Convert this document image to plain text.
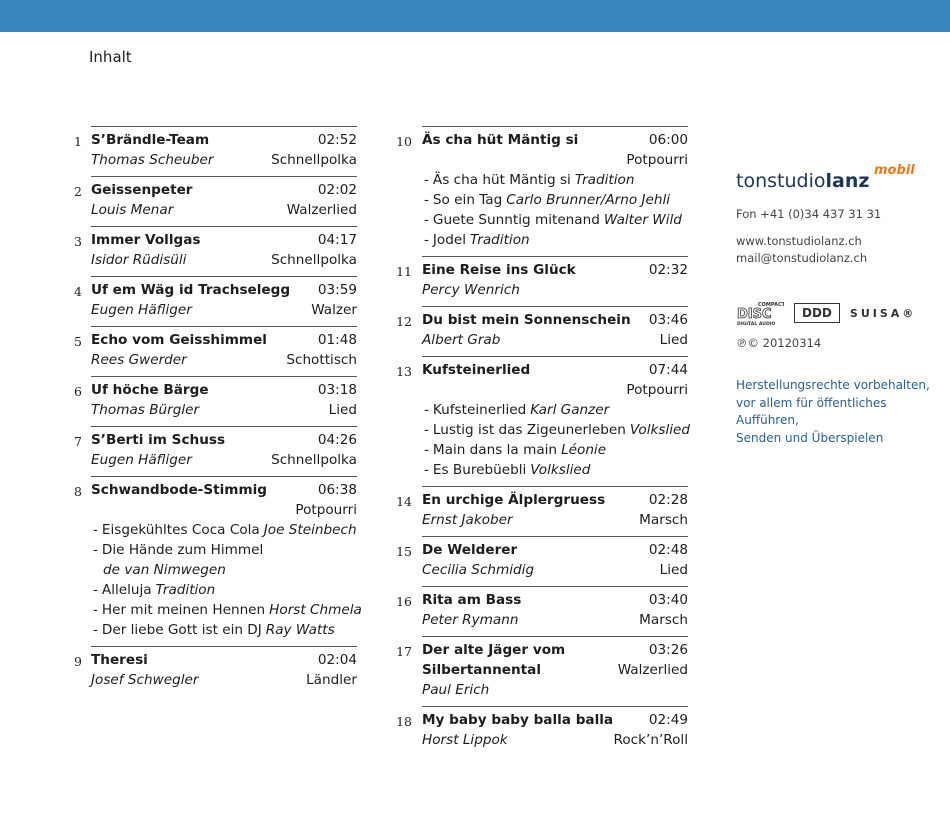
Inhalt
1 S’Brändle-Team	02:52
Thomas Scheuber	Schnellpolka
2 Geissenpeter	02:02
Louis Menar	Walzerlied
3 Immer Vollgas	04:17
Isidor Rüdisüli	Schnellpolka
4 Uf em Wäg id Trachselegg 03:59
Eugen Häfliger	Walzer
5 Echo vom Geisshimmel	01:48
Rees Gwerder	Schottisch
6 Uf höche Bärge	03:18
Thomas Bürgler	Lied
7 S’Berti im Schuss	04:26
Eugen Häfliger	Schnellpolka
8 Schwandbode-Stimmig	06:38
Potpourri
- Eisgekühltes Coca Cola Joe Steinbech
- Die Hände zum Himmel
de van Nimwegen
- Alleluja Tradition
- Her mit meinen Hennen Horst Chmela
- Der liebe Gott ist ein DJ Ray Watts
9 Theresi	02:04
Josef Schwegler	Ländler
10 Äs cha hüt Mäntig si	06:00
Potpourri
- Äs cha hüt Mäntig si Tradition
- So ein Tag Carlo Brunner/Arno Jehli
- Guete Sunntig mitenand Walter Wild
- Jodel Tradition
11 Eine Reise ins Glück	02:32
Percy Wenrich
12 Du bist mein Sonnenschein 03:46
Albert Grab	Lied
13 Kufsteinerlied	07:44
Potpourri
- Kufsteinerlied Karl Ganzer
- Lustig ist das Zigeunerleben Volkslied
- Main dans la main Léonie
- Es Burebüebli Volkslied
14 En urchige Älplergruess	02:28
Ernst Jakober	Marsch
15 De Welderer	02:48
Cecilia Schmidig	Lied
16 Rita am Bass	03:40
Peter Rymann	Marsch
17 Der alte Jäger vom	03:26
Silbertannental	Walzerlied
Paul Erich
18 My baby baby balla balla	02:49
Horst Lippok	Rock’n’Roll
tonstudiolanz mobil
Fon +41 (0)34 437 31 31
www.tonstudiolanz.ch
mail@tonstudiolanz.ch
COMPACT
DISC
DIGITAL AUDIO
DDD	SUISA®
℗© 20120314
Herstellungsrechte vorbehalten,
vor allem für öffentliches Aufführen,
Senden und Überspielen
